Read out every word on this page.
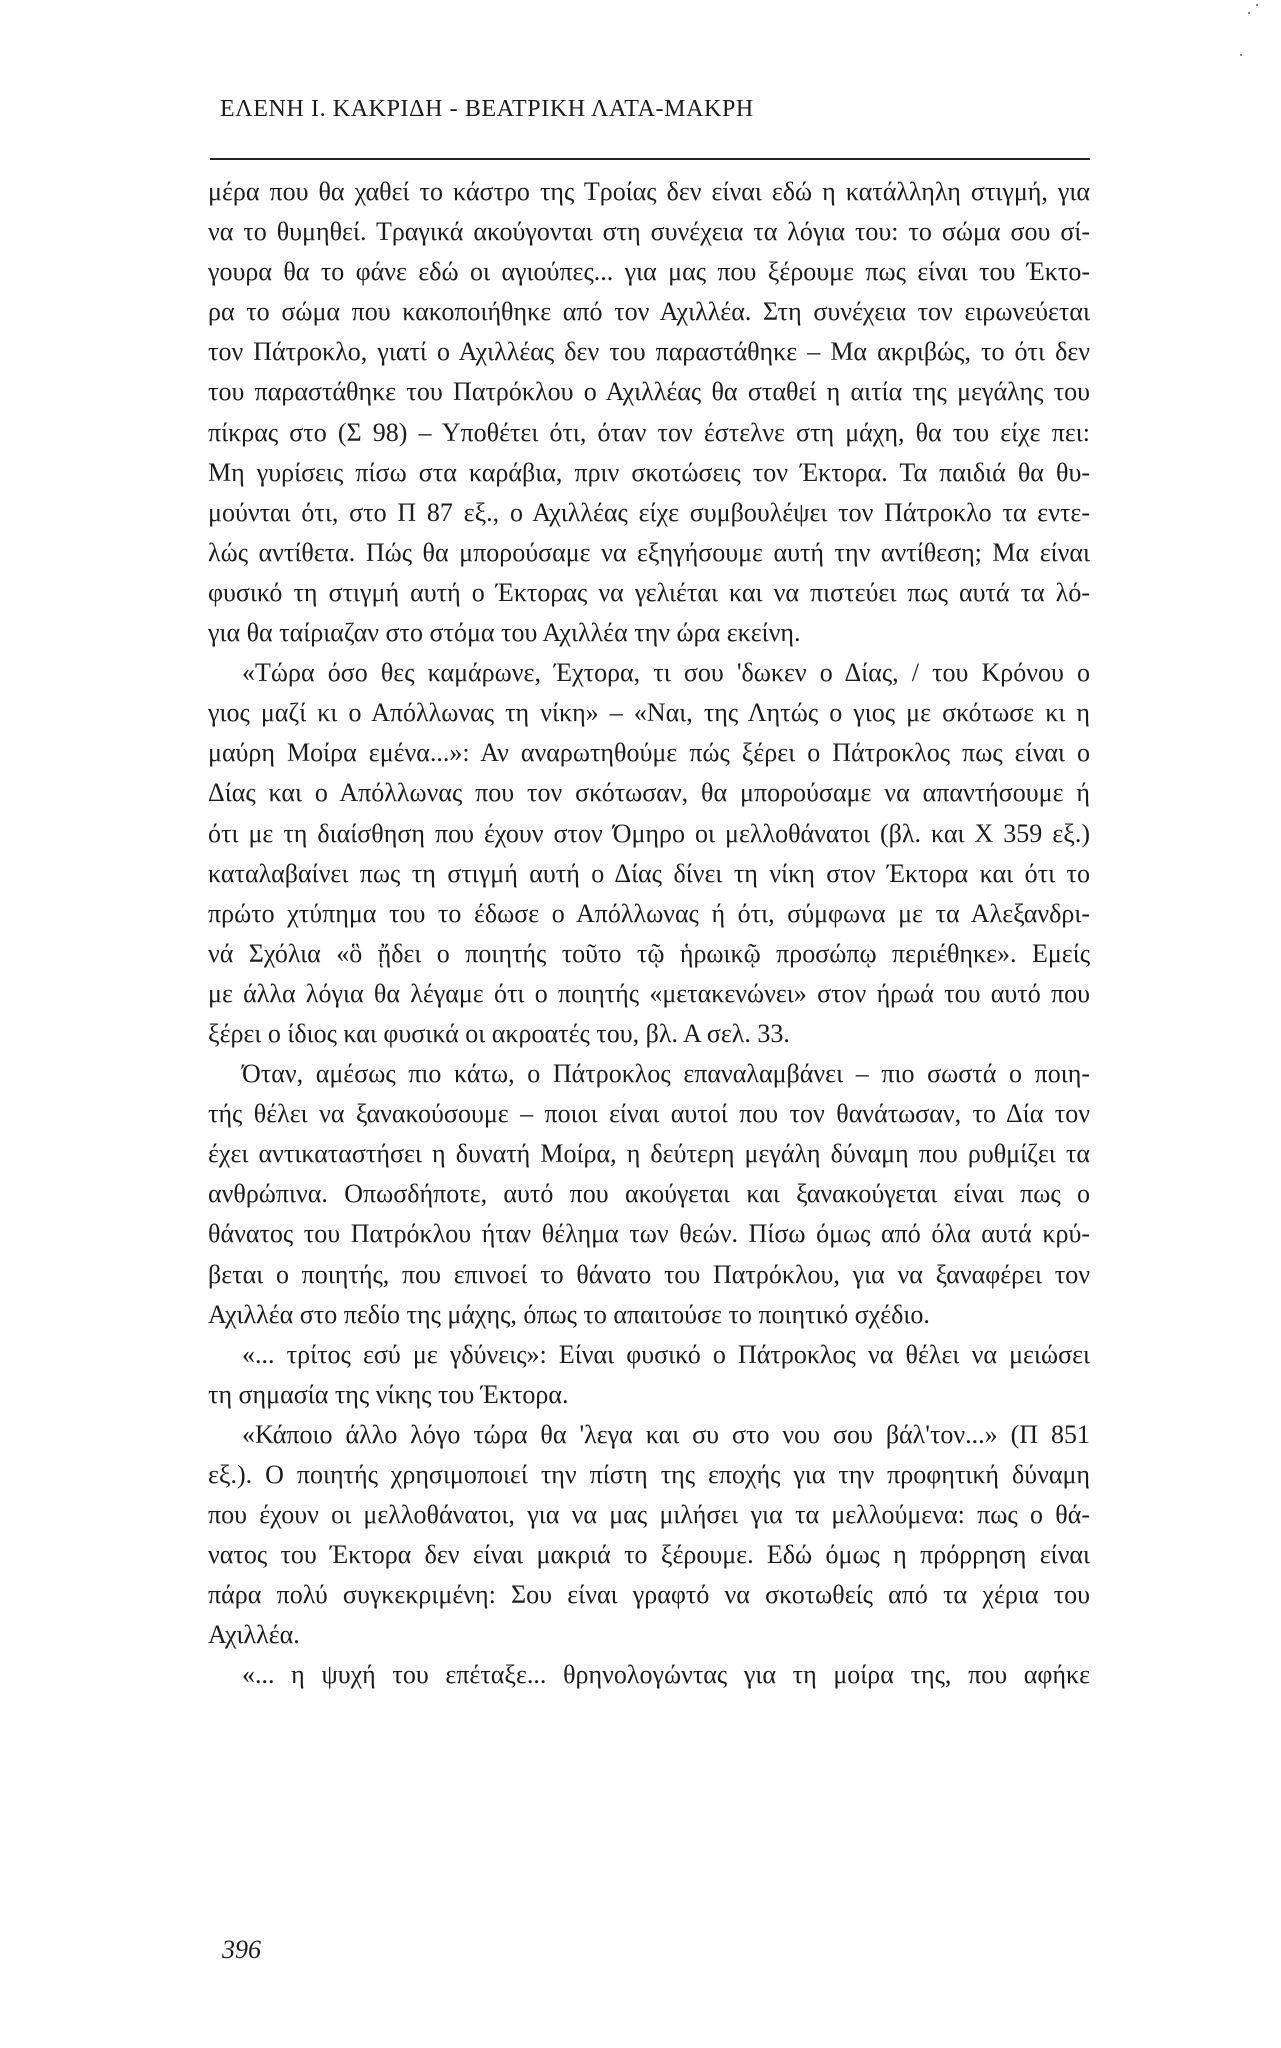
ΕΛΕΝΗ Ι. ΚΑΚΡΙΔΗ - ΒΕΑΤΡΙΚΗ ΛΑΤΑ-ΜΑΚΡΗ
μέρα που θα χαθεί το κάστρο της Τροίας δεν είναι εδώ η κατάλληλη στιγμή, για
να το θυμηθεί. Τραγικά ακούγονται στη συνέχεια τα λόγια του: το σώμα σου σί-
γουρα θα το φάνε εδώ οι αγιούπες... για μας που ξέρουμε πως είναι του Έκτο-
ρα το σώμα που κακοποιήθηκε από τον Αχιλλέα. Στη συνέχεια τον ειρωνεύεται
τον Πάτροκλο, γιατί ο Αχιλλέας δεν του παραστάθηκε – Μα ακριβώς, το ότι δεν
του παραστάθηκε του Πατρόκλου ο Αχιλλέας θα σταθεί η αιτία της μεγάλης του
πίκρας στο (Σ 98) – Υποθέτει ότι, όταν τον έστελνε στη μάχη, θα του είχε πει:
Μη γυρίσεις πίσω στα καράβια, πριν σκοτώσεις τον Έκτορα. Τα παιδιά θα θυ-
μούνται ότι, στο Π 87 εξ., ο Αχιλλέας είχε συμβουλέψει τον Πάτροκλο τα εντε-
λώς αντίθετα. Πώς θα μπορούσαμε να εξηγήσουμε αυτή την αντίθεση; Μα είναι
φυσικό τη στιγμή αυτή ο Έκτορας να γελιέται και να πιστεύει πως αυτά τα λό-
για θα ταίριαζαν στο στόμα του Αχιλλέα την ώρα εκείνη.
«Τώρα όσο θες καμάρωνε, Έχτορα, τι σου 'δωκεν ο Δίας, / του Κρόνου ο
γιος μαζί κι ο Απόλλωνας τη νίκη» – «Ναι, της Λητώς ο γιος με σκότωσε κι η
μαύρη Μοίρα εμένα...»: Αν αναρωτηθούμε πώς ξέρει ο Πάτροκλος πως είναι ο
Δίας και ο Απόλλωνας που τον σκότωσαν, θα μπορούσαμε να απαντήσουμε ή
ότι με τη διαίσθηση που έχουν στον Όμηρο οι μελλοθάνατοι (βλ. και Χ 359 εξ.)
καταλαβαίνει πως τη στιγμή αυτή ο Δίας δίνει τη νίκη στον Έκτορα και ότι το
πρώτο χτύπημα του το έδωσε ο Απόλλωνας ή ότι, σύμφωνα με τα Αλεξανδρι-
νά Σχόλια «ὃ ᾔδει ο ποιητής τοῦτο τῷ ἡρωικῷ προσώπῳ περιέθηκε». Εμείς
με άλλα λόγια θα λέγαμε ότι ο ποιητής «μετακενώνει» στον ήρωά του αυτό που
ξέρει ο ίδιος και φυσικά οι ακροατές του, βλ. Α σελ. 33.
Όταν, αμέσως πιο κάτω, ο Πάτροκλος επαναλαμβάνει – πιο σωστά ο ποιη-
τής θέλει να ξανακούσουμε – ποιοι είναι αυτοί που τον θανάτωσαν, το Δία τον
έχει αντικαταστήσει η δυνατή Μοίρα, η δεύτερη μεγάλη δύναμη που ρυθμίζει τα
ανθρώπινα. Οπωσδήποτε, αυτό που ακούγεται και ξανακούγεται είναι πως ο
θάνατος του Πατρόκλου ήταν θέλημα των θεών. Πίσω όμως από όλα αυτά κρύ-
βεται ο ποιητής, που επινοεί το θάνατο του Πατρόκλου, για να ξαναφέρει τον
Αχιλλέα στο πεδίο της μάχης, όπως το απαιτούσε το ποιητικό σχέδιο.
«... τρίτος εσύ με γδύνεις»: Είναι φυσικό ο Πάτροκλος να θέλει να μειώσει
τη σημασία της νίκης του Έκτορα.
«Κάποιο άλλο λόγο τώρα θα 'λεγα και συ στο νου σου βάλ'τον...» (Π 851
εξ.). Ο ποιητής χρησιμοποιεί την πίστη της εποχής για την προφητική δύναμη
που έχουν οι μελλοθάνατοι, για να μας μιλήσει για τα μελλούμενα: πως ο θά-
νατος του Έκτορα δεν είναι μακριά το ξέρουμε. Εδώ όμως η πρόρρηση είναι
πάρα πολύ συγκεκριμένη: Σου είναι γραφτό να σκοτωθείς από τα χέρια του
Αχιλλέα.
«... η ψυχή του επέταξε... θρηνολογώντας για τη μοίρα της, που αφήκε
396
